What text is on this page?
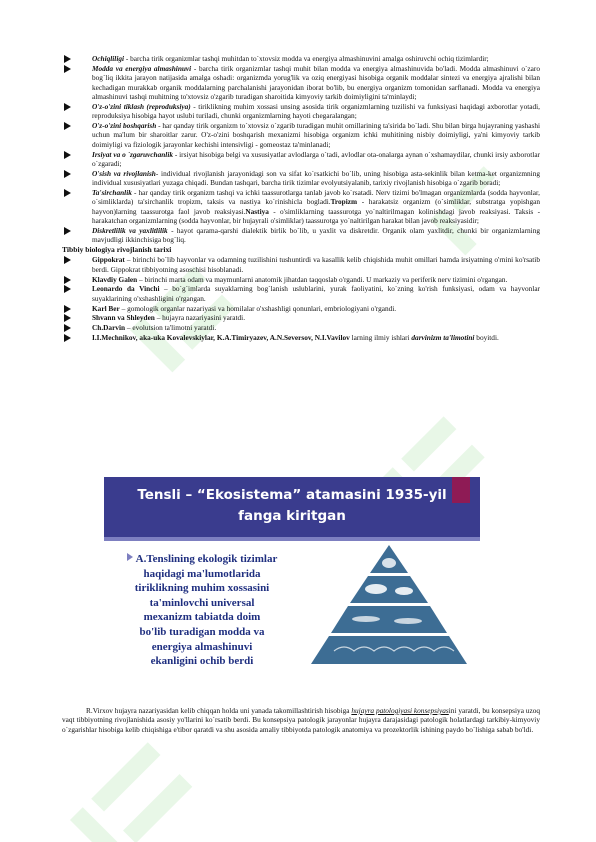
Ochiqliligi - barcha tirik organizmlar tashqi muhitdan to`xtovsiz modda va energiya almashinuvini amalga oshiruvchi ochiq tizimlardir;
Modda va energiya almashinuvi - barcha tirik organizmlar tashqi muhit bilan modda va energiya almashinuvida bo'ladi. Modda almashinuvi o`zaro bog`liq ikkita jarayon natijasida amalga oshadi: organizmda yorug'lik va oziq energiyasi hisobiga organik moddalar sintezi va energiya ajralishi bilan kechadigan murakkab organik moddalarning parchalanishi jarayonidan iborat bo'lib, bu energiya organizm tomonidan sarflanadi. Modda va energiya almashinuvi tashqi muhitning to'xtovsiz o'zgarib turadigan sharoitida kimyoviy tarkib doimiyligini ta'minlaydi;
O'z-o'zini tiklash (reproduksiya) - tiriklikning muhim xossasi unsing asosida tirik organizmlarning tuzilishi va funksiyasi haqidagi axborotlar yotadi, reproduksiya hisobiga hayot uslubi turiladi, chunki organizmlarning hayoti chegaralangan;
O'z-o'zini boshqarish - har qanday tirik organizm to`xtovsiz o`zgarib turadigan muhit omillarining ta'sirida bo`ladi. Shu bilan birga hujayraning yashashi uchun ma'lum bir sharoitlar zarur. O'z-o'zini boshqarish mexanizmi hisobiga organizm ichki muhitining nisbiy doimiyligi, ya'ni kimyoviy tarkib doimiyligi va fiziologik jarayonlar kechishi intensivligi - gomeostaz ta'minlanadi;
Irsiyat va o `zgaruvchanlik - irsiyat hisobiga belgi va xususiyatlar avlodlarga o`tadi, avlodlar ota-onalarga aynan o`xshamaydilar, chunki irsiy axborotlar o`zgaradi;
O'sish va rivojlanish- individual rivojlanish jarayonidagi son va sifat ko`rsatkichi bo`lib, uning hisobiga asta-sekinlik bilan ketma-ket organizmning individual xususiyatlari yuzaga chiqadi. Bundan tashqari, barcha tirik tizimlar evolyutsiyalanib, tarixiy rivojlanish hisobiga o`zgarib boradi;
Ta'sirchanlik - har qanday tirik organizm tashqi va ichki taassurotlarga tanlab javob ko`rsatadi. Nerv tizimi bo'lmagan organizmlarda (sodda hayvonlar, o`simliklarda) ta'sirchanlik tropizm, taksis va nastiya ko`rinishicla bogladi.Tropizm - harakatsiz organizm (o`simliklar, substratga yopishgan hayvon)larning taassurotga faol javob reaksiyasi.Nastiya - o'simliklarning taassurotga yo`naltirilmagan kolinishdagi javob reaksiyasi. Taksis - harakatchan organizmlarning (sodda hayvonlar, bir hujayrali o'simliklar) taassurotga yo`naltirilgan harakat bilan javob reaksiyasidir;
Diskretlilik va yaxlitlilik - hayot qarama-qarshi dialektik birlik bo`lib, u yaxlit va diskretdir. Organik olam yaxlitdir, chunki bir organizmlarning mavjudligi ikkinchisiga bog`liq.
Tibbiy biologiya rivojlanish tarixi
Gippokrat – birinchi bo`lib hayvonlar va odamning tuzilishini tushuntirdi va kasallik kelib chiqishida muhit omillari hamda irsiyatning o'rnini ko'rsatib berdi. Gippokrat tibbiyotning asoschisi hisoblanadi.
Klavdiy Galen – birinchi marta odam va maymunlarni anatomik jihatdan taqqoslab o'rgandi. U markaziy va periferik nerv tizimini o'rgangan.
Leonardo da Vinchi – bo`g`imlarda suyaklarning bog`lanish uslublarini, yurak faoliyatini, ko`zning ko'rish funksiyasi, odam va hayvonlar suyaklarining o'xshashligini o'rgangan.
Karl Ber – gomologik organlar nazariyasi va homilalar o'xshashligi qonunlari, embriologiyani o'rgandi.
Shvann va Shleyden – hujayra nazariyasini yaratdi.
Ch.Darvin – evolutsion ta'limotni yaratdi.
I.I.Mechnikov, aka-uka Kovalevskiylar, K.A.Timiryazev, A.N.Seversov, N.I.Vavilov larning ilmiy ishlari darvinizm ta'limotini boyitdi.
Tensli – “Ekosistema” atamasini 1935-yil
fanga kiritgan
A.Tenslining ekologik tizimlar
haqidagi ma'lumotlarida
tiriklikning muhim xossasini
ta'minlovchi universal
mexanizm tabiatda doim
bo'lib turadigan modda va
energiya almashinuvi
ekanligini ochib berdi
R.Virxov hujayra nazariyasidan kelib chiqqan holda uni yanada takomillashtirish hisobiga hujayra patologiyasi konsepsiyasini yaratdi, bu konsepsiya uzoq vaqt tibbiyotning rivojlanishida asosiy yo'llarini ko`rsatib berdi. Bu konsepsiya patologik jarayonlar hujayra darajasidagi patologik holatlardagi tarkibiy-kimyoviy o`zgarishlar hisobiga kelib chiqishiga e'tibor qaratdi va shu asosida amaliy tibbiyotda patologik anatomiya va prozektorlik ishining paydo bo`lishiga sabab bo'ldi.
